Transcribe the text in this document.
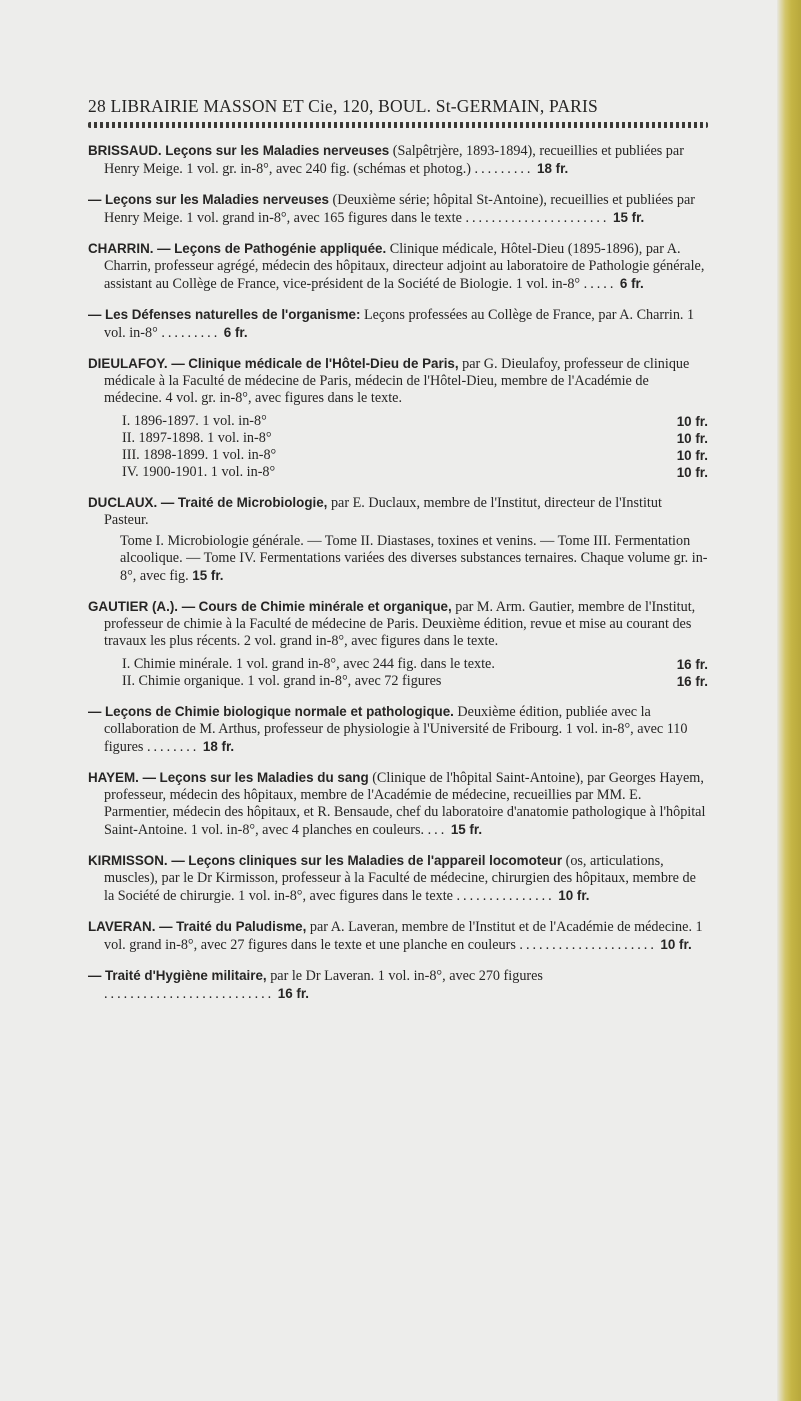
28 LIBRAIRIE MASSON ET Cie, 120, BOUL. St-GERMAIN, PARIS
BRISSAUD. Leçons sur les Maladies nerveuses (Salpêtrjère, 1893-1894), recueillies et publiées par Henry Meige. 1 vol. gr. in-8°, avec 240 fig. (schémas et photog.) ......... 18 fr.
— Leçons sur les Maladies nerveuses (Deuxième série; hôpital St-Antoine), recueillies et publiées par Henry Meige. 1 vol. grand in-8°, avec 165 figures dans le texte ...................... 15 fr.
CHARRIN. — Leçons de Pathogénie appliquée. Clinique médicale, Hôtel-Dieu (1895-1896), par A. Charrin, professeur agrégé, médecin des hôpitaux, directeur adjoint au laboratoire de Pathologie générale, assistant au Collège de France, vice-président de la Société de Biologie. 1 vol. in-8° ..... 6 fr.
— Les Défenses naturelles de l'organisme: Leçons professées au Collège de France, par A. Charrin. 1 vol. in-8° ......... 6 fr.
DIEULAFOY. — Clinique médicale de l'Hôtel-Dieu de Paris, par G. Dieulafoy, professeur de clinique médicale à la Faculté de médecine de Paris, médecin de l'Hôtel-Dieu, membre de l'Académie de médecine. 4 vol. gr. in-8°, avec figures dans le texte.
I. 1896-1897. 1 vol. in-8°	10 fr.
II. 1897-1898. 1 vol. in-8°	10 fr.
III. 1898-1899. 1 vol. in-8°	10 fr.
IV. 1900-1901. 1 vol. in-8°	10 fr.
DUCLAUX. — Traité de Microbiologie, par E. Duclaux, membre de l'Institut, directeur de l'Institut Pasteur.
Tome I. Microbiologie générale. — Tome II. Diastases, toxines et venins. — Tome III. Fermentation alcoolique. — Tome IV. Fermentations variées des diverses substances ternaires. Chaque volume gr. in-8°, avec fig. 15 fr.
GAUTIER (A.). — Cours de Chimie minérale et organique, par M. Arm. Gautier, membre de l'Institut, professeur de chimie à la Faculté de médecine de Paris. Deuxième édition, revue et mise au courant des travaux les plus récents. 2 vol. grand in-8°, avec figures dans le texte.
I. Chimie minérale. 1 vol. grand in-8°, avec 244 fig. dans le texte.	16 fr.
II. Chimie organique. 1 vol. grand in-8°, avec 72 figures	16 fr.
— Leçons de Chimie biologique normale et pathologique. Deuxième édition, publiée avec la collaboration de M. Arthus, professeur de physiologie à l'Université de Fribourg. 1 vol. in-8°, avec 110 figures ........ 18 fr.
HAYEM. — Leçons sur les Maladies du sang (Clinique de l'hôpital Saint-Antoine), par Georges Hayem, professeur, médecin des hôpitaux, membre de l'Académie de médecine, recueillies par MM. E. Parmentier, médecin des hôpitaux, et R. Bensaude, chef du laboratoire d'anatomie pathologique à l'hôpital Saint-Antoine. 1 vol. in-8°, avec 4 planches en couleurs. ... 15 fr.
KIRMISSON. — Leçons cliniques sur les Maladies de l'appareil locomoteur (os, articulations, muscles), par le Dr Kirmisson, professeur à la Faculté de médecine, chirurgien des hôpitaux, membre de la Société de chirurgie. 1 vol. in-8°, avec figures dans le texte ............... 10 fr.
LAVERAN. — Traité du Paludisme, par A. Laveran, membre de l'Institut et de l'Académie de médecine. 1 vol. grand in-8°, avec 27 figures dans le texte et une planche en couleurs ..................... 10 fr.
— Traité d'Hygiène militaire, par le Dr Laveran. 1 vol. in-8°, avec 270 figures .......................... 16 fr.
